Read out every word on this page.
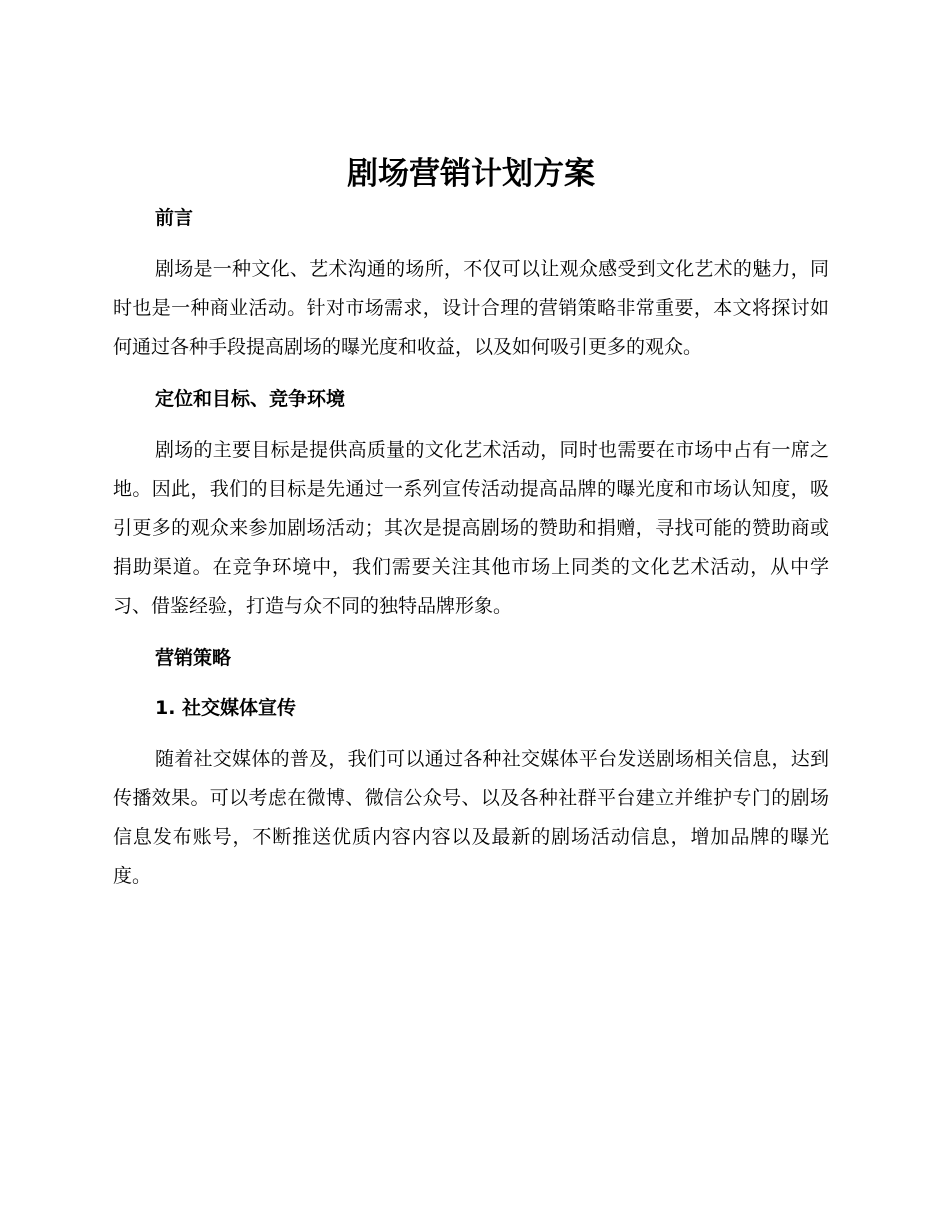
剧场营销计划方案
前言

剧场是一种文化、艺术沟通的场所，不仅可以让观众感受到文化艺术的魅力，同时也是一种商业活动。针对市场需求，设计合理的营销策略非常重要，本文将探讨如何通过各种手段提高剧场的曝光度和收益，以及如何吸引更多的观众。

定位和目标、竞争环境

剧场的主要目标是提供高质量的文化艺术活动，同时也需要在市场中占有一席之地。因此，我们的目标是先通过一系列宣传活动提高品牌的曝光度和市场认知度，吸引更多的观众来参加剧场活动；其次是提高剧场的赞助和捐赠，寻找可能的赞助商或捐助渠道。在竞争环境中，我们需要关注其他市场上同类的文化艺术活动，从中学习、借鉴经验，打造与众不同的独特品牌形象。

营销策略
1. 社交媒体宣传

随着社交媒体的普及，我们可以通过各种社交媒体平台发送剧场相关信息，达到传播效果。可以考虑在微博、微信公众号、以及各种社群平台建立并维护专门的剧场信息发布账号，不断推送优质内容内容以及最新的剧场活动信息，增加品牌的曝光度。
